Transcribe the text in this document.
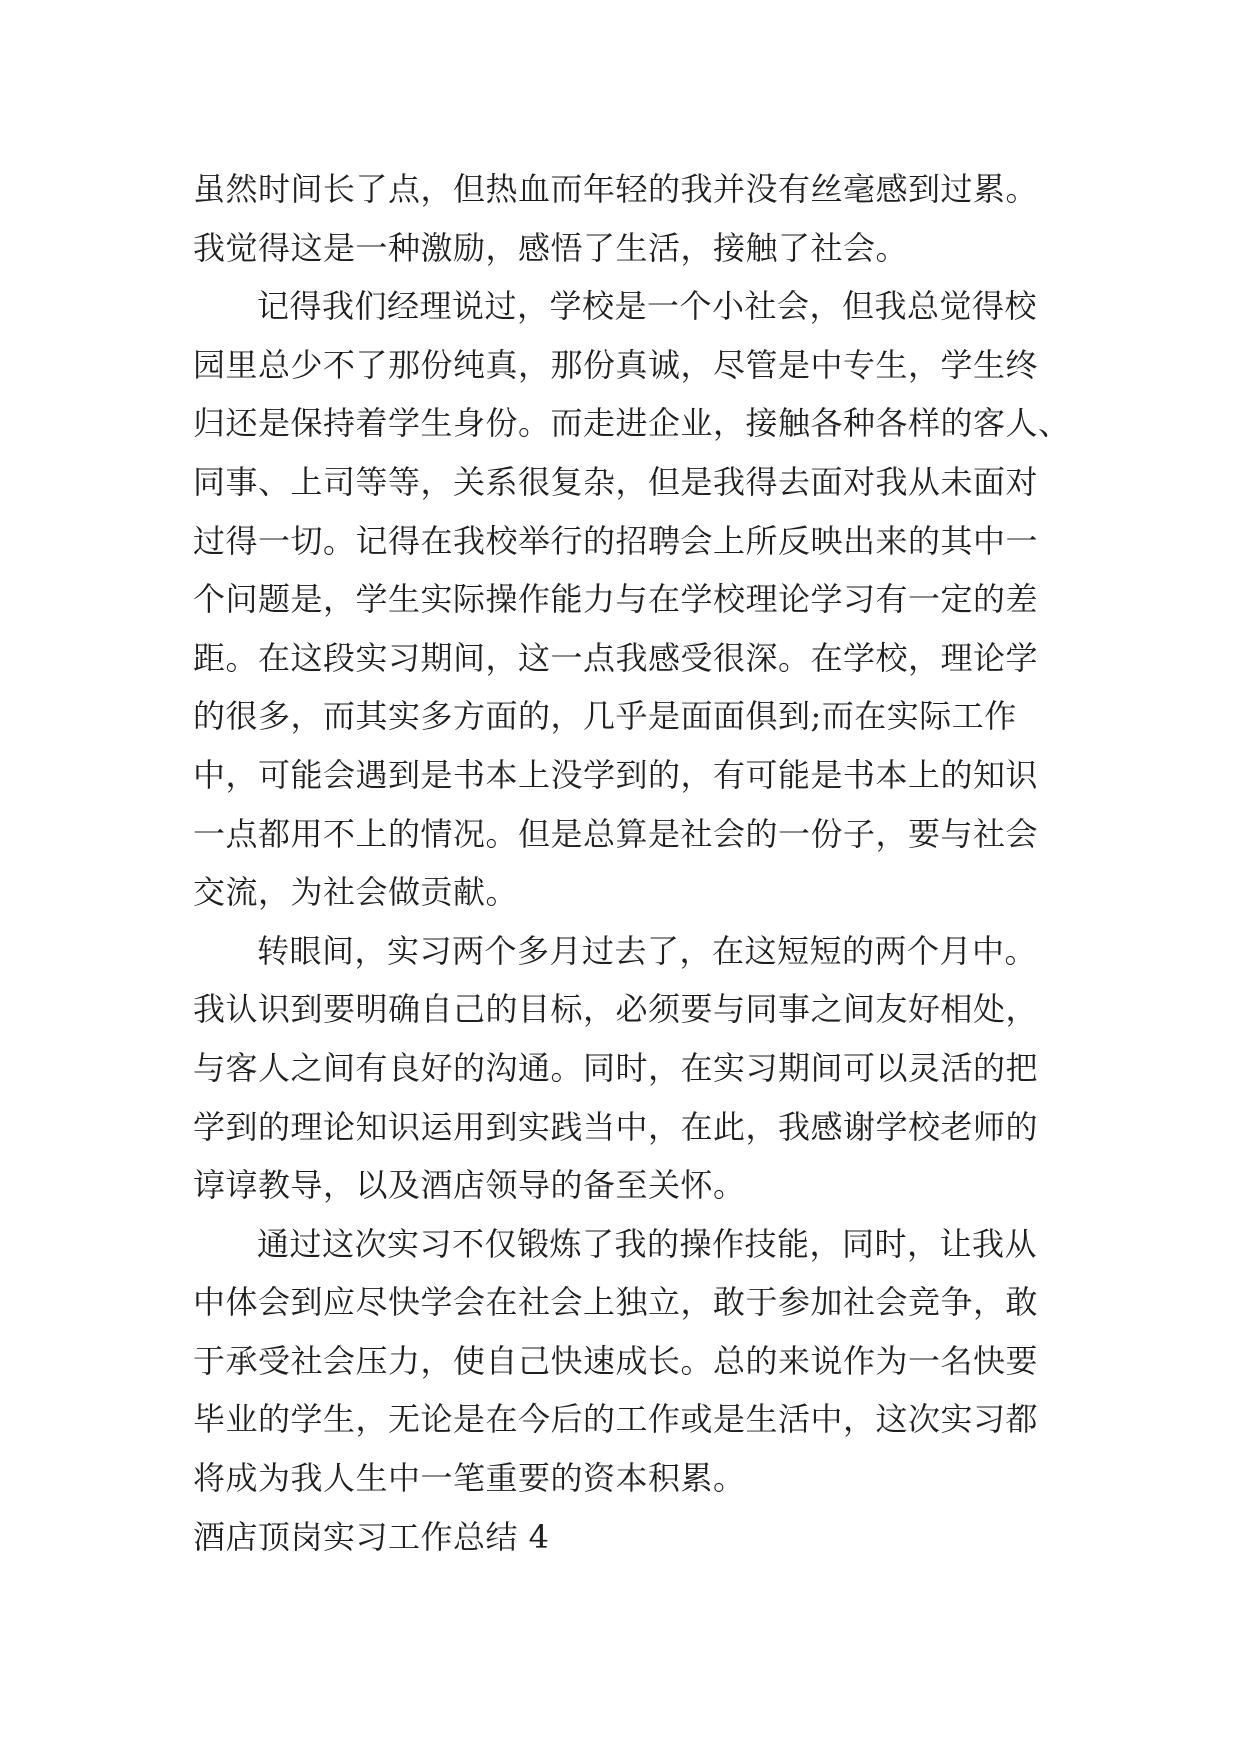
虽然时间长了点，但热血而年轻的我并没有丝毫感到过累。
我觉得这是一种激励，感悟了生活，接触了社会。
记得我们经理说过，学校是一个小社会，但我总觉得校
园里总少不了那份纯真，那份真诚，尽管是中专生，学生终
归还是保持着学生身份。而走进企业，接触各种各样的客人、
同事、上司等等，关系很复杂，但是我得去面对我从未面对
过得一切。记得在我校举行的招聘会上所反映出来的其中一
个问题是，学生实际操作能力与在学校理论学习有一定的差
距。在这段实习期间，这一点我感受很深。在学校，理论学
的很多，而其实多方面的，几乎是面面俱到;而在实际工作
中，可能会遇到是书本上没学到的，有可能是书本上的知识
一点都用不上的情况。但是总算是社会的一份子，要与社会
交流，为社会做贡献。
转眼间，实习两个多月过去了，在这短短的两个月中。
我认识到要明确自己的目标，必须要与同事之间友好相处，
与客人之间有良好的沟通。同时，在实习期间可以灵活的把
学到的理论知识运用到实践当中，在此，我感谢学校老师的
谆谆教导，以及酒店领导的备至关怀。
通过这次实习不仅锻炼了我的操作技能，同时，让我从
中体会到应尽快学会在社会上独立，敢于参加社会竞争，敢
于承受社会压力，使自己快速成长。总的来说作为一名快要
毕业的学生，无论是在今后的工作或是生活中，这次实习都
将成为我人生中一笔重要的资本积累。
酒店顶岗实习工作总结 4
